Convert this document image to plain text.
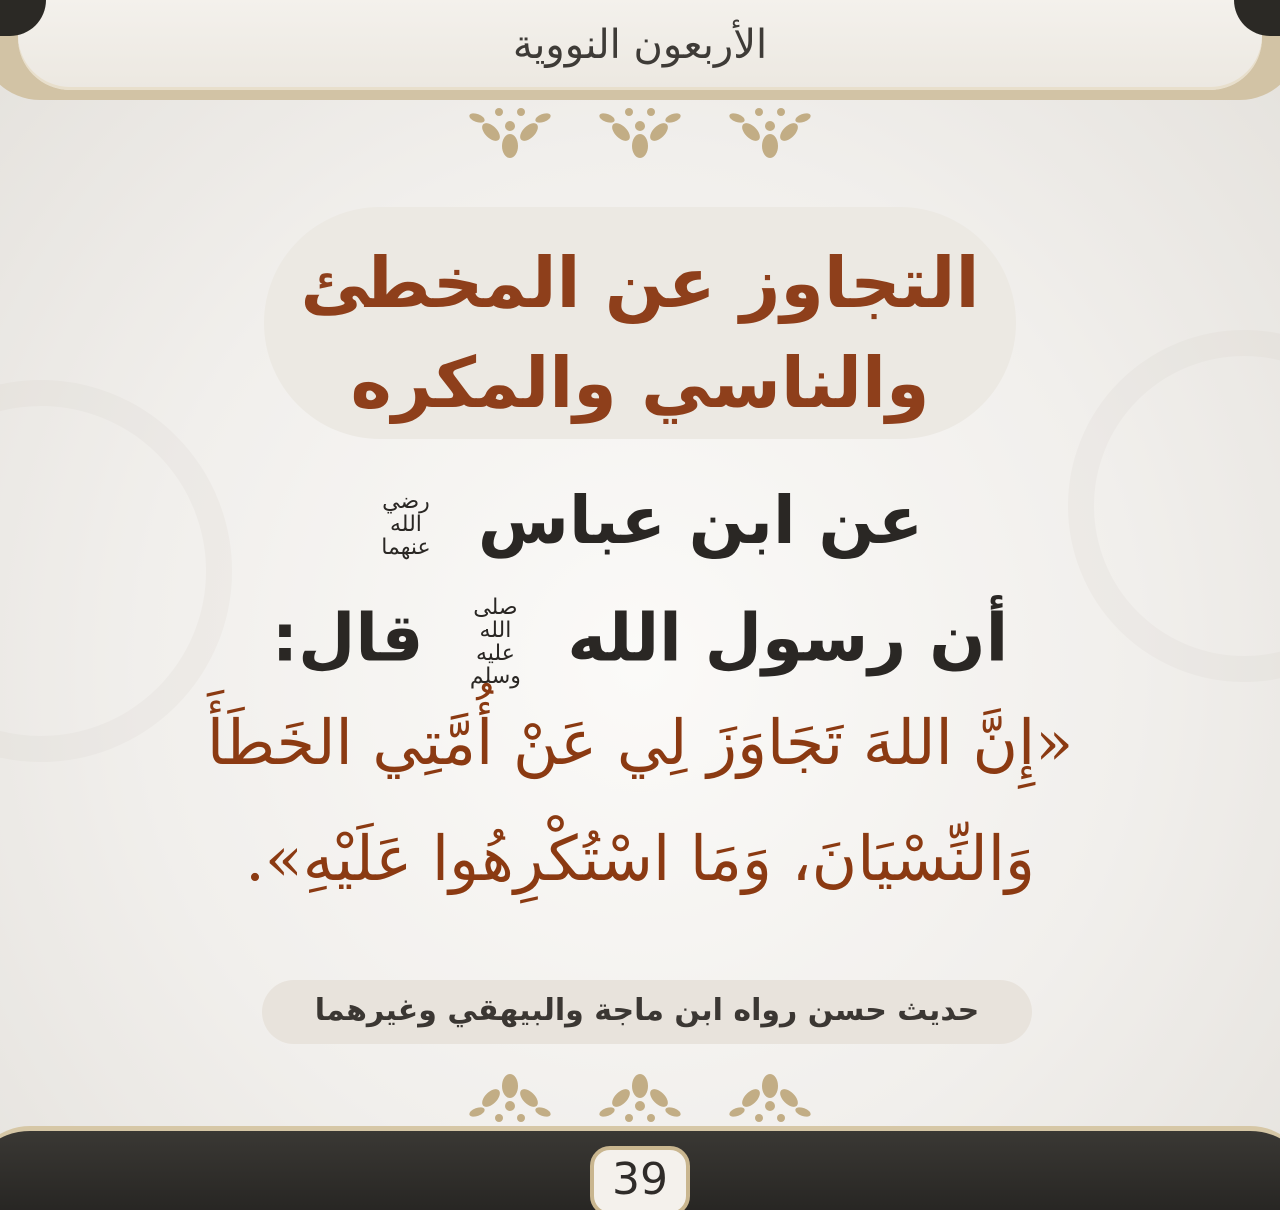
الأربعون النووية
التجاوز عن المخطئ
والناسي والمكره
عن ابن عباس رضي الله عنهما
أن رسول الله صلى الله عليه وسلم قال:
«إِنَّ اللهَ تَجَاوَزَ لِي عَنْ أُمَّتِي الخَطَأَ
وَالنِّسْيَانَ، وَمَا اسْتُكْرِهُوا عَلَيْهِ».
حديث حسن رواه ابن ماجة والبيهقي وغيرهما
39
